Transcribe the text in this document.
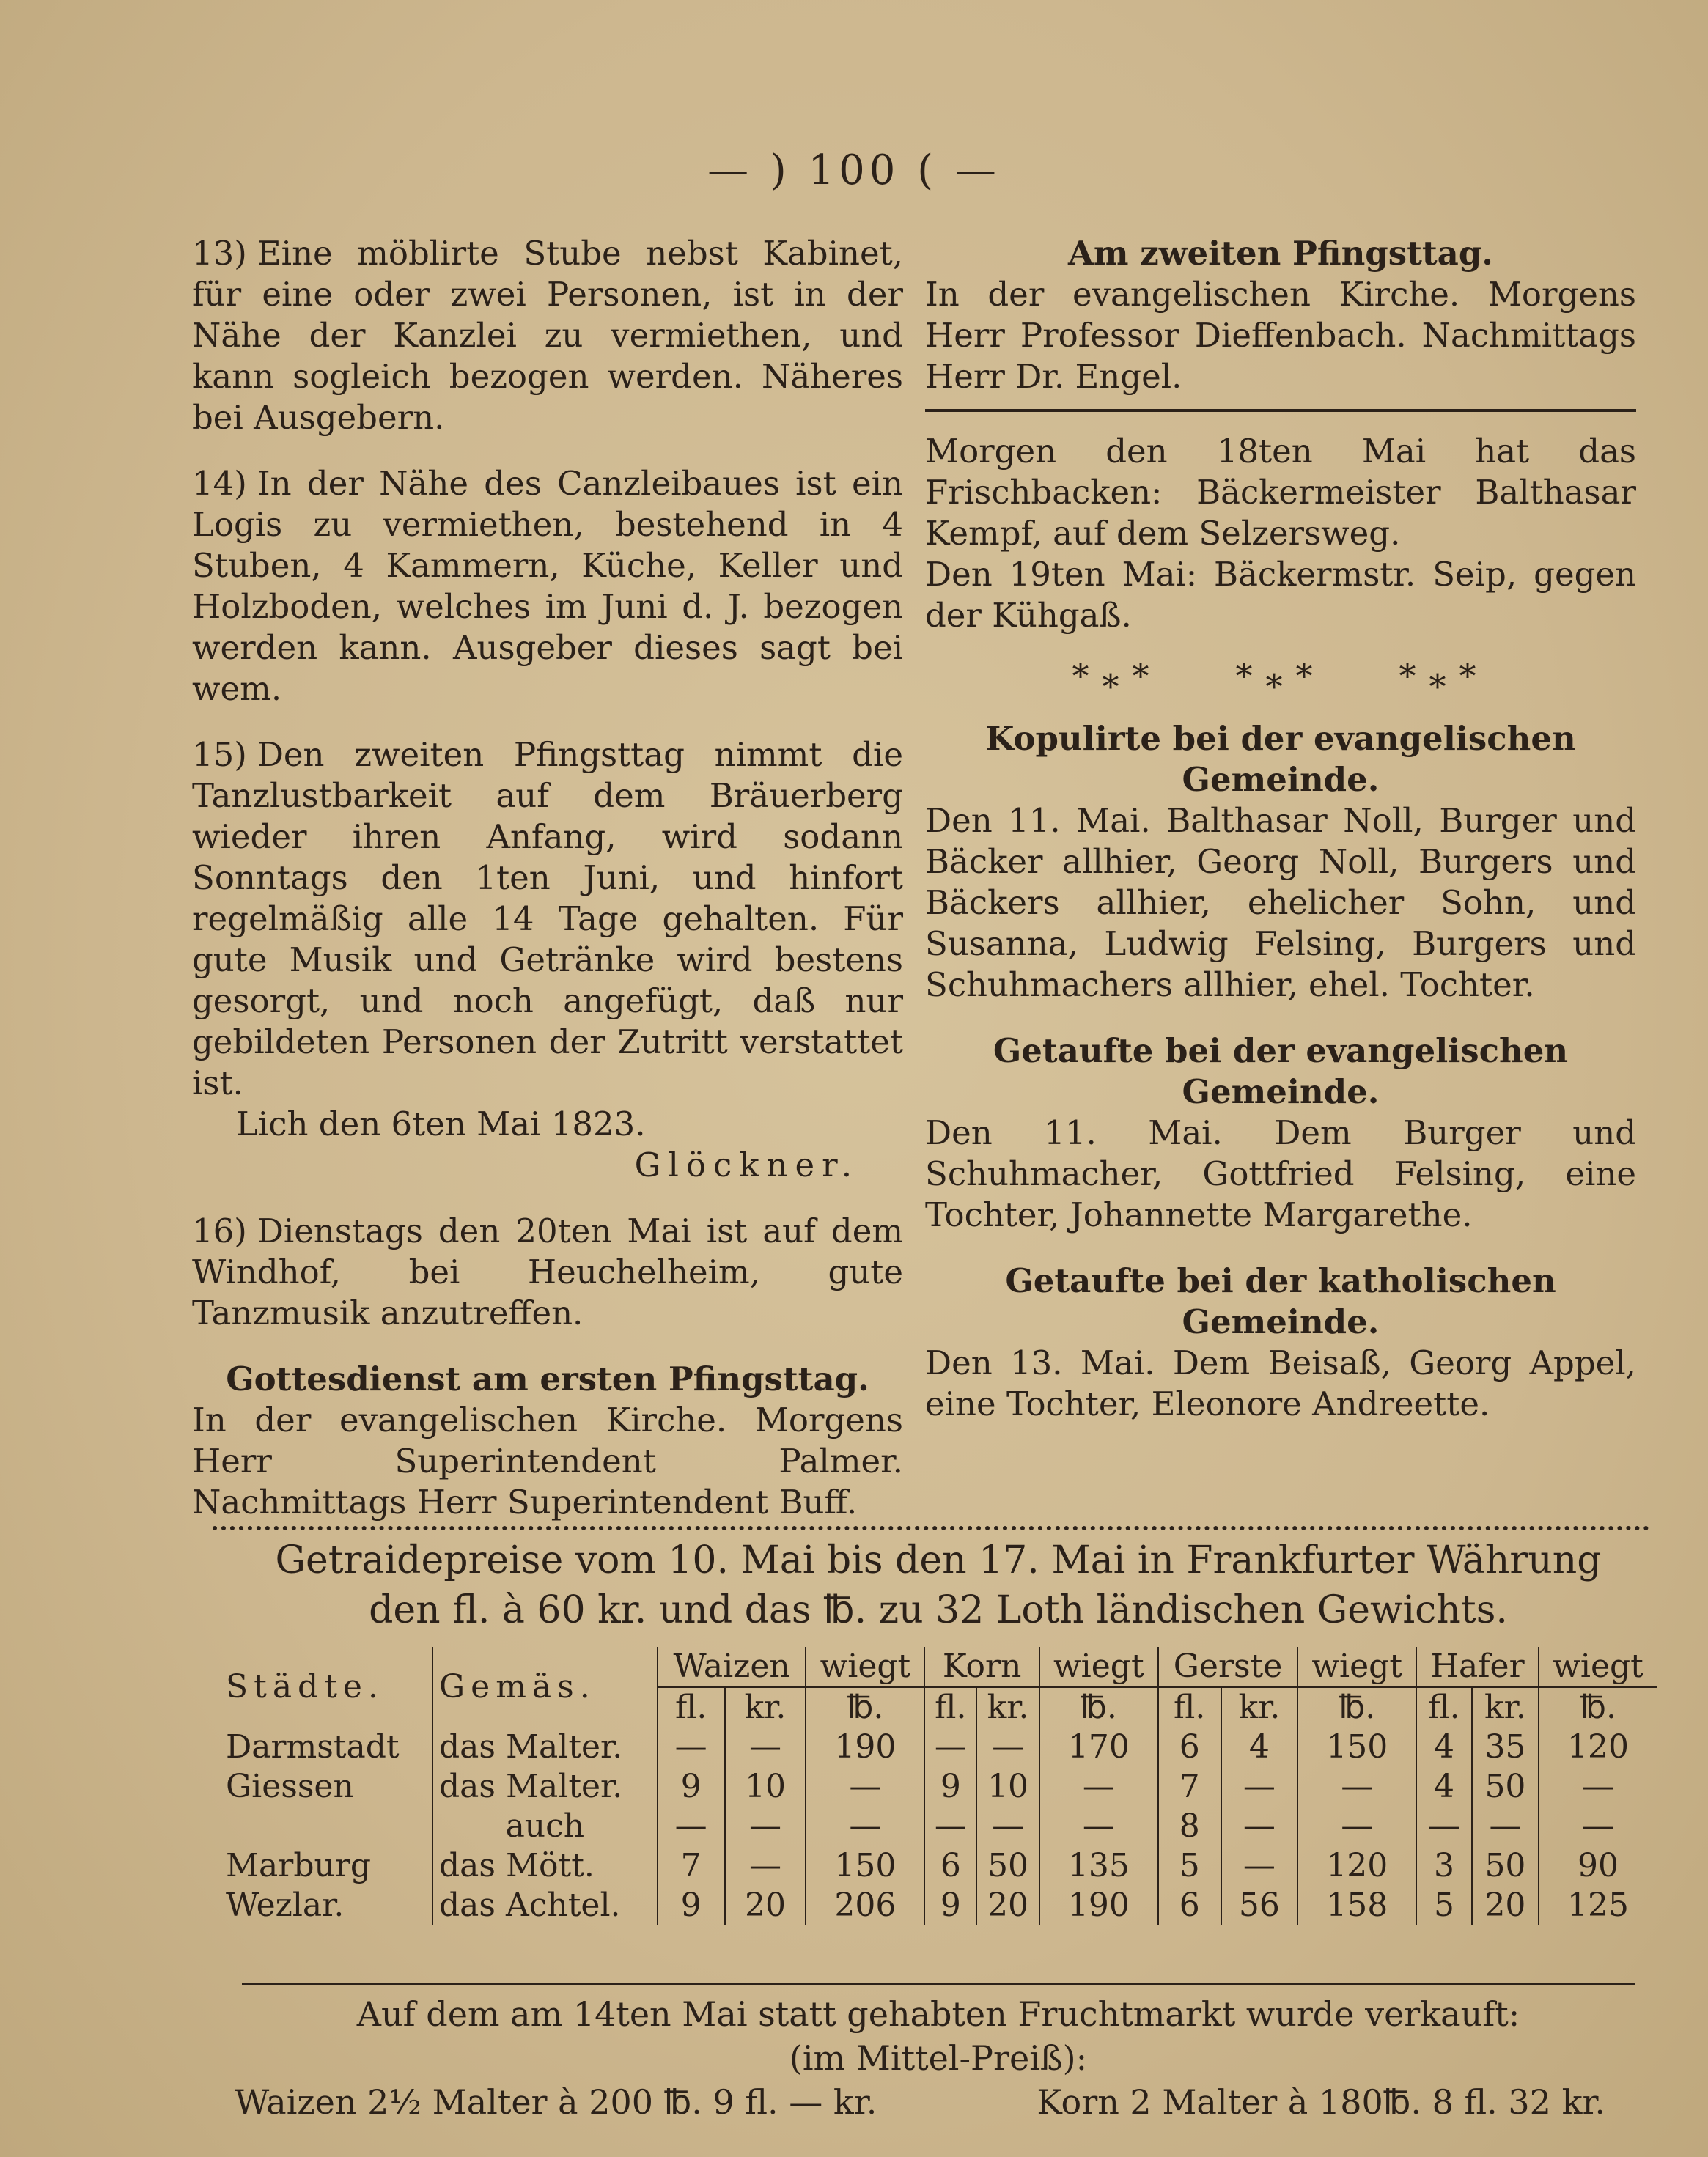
— ) 100 ( —

13) Eine möblirte Stube nebst Kabinet, für eine oder zwei Personen, ist in der Nähe der Kanzlei zu vermiethen, und kann sogleich bezogen werden. Näheres bei Ausgebern.

14) In der Nähe des Canzleibaues ist ein Logis zu vermiethen, bestehend in 4 Stuben, 4 Kammern, Küche, Keller und Holzboden, welches im Juni d. J. bezogen werden kann. Ausgeber dieses sagt bei wem.

15) Den zweiten Pfingsttag nimmt die Tanzlustbarkeit auf dem Bräuerberg wieder ihren Anfang, wird sodann Sonntags den 1ten Juni, und hinfort regelmäßig alle 14 Tage gehalten. Für gute Musik und Getränke wird bestens gesorgt, und noch angefügt, daß nur gebildeten Personen der Zutritt verstattet ist.

Lich den 6ten Mai 1823.

Glöckner.

16) Dienstags den 20ten Mai ist auf dem Windhof, bei Heuchelheim, gute Tanzmusik anzutreffen.

Gottesdienst am ersten Pfingsttag.

In der evangelischen Kirche. Morgens Herr Superintendent Palmer. Nachmittags Herr Superintendent Buff.

Am zweiten Pfingsttag.

In der evangelischen Kirche. Morgens Herr Professor Dieffenbach. Nachmittags Herr Dr. Engel.

Morgen den 18ten Mai hat das Frischbacken: Bäckermeister Balthasar Kempf, auf dem Selzersweg.

Den 19ten Mai: Bäckermstr. Seip, gegen der Kühgaß.

*⁎* *⁎* *⁎*

Kopulirte bei der evangelischen Gemeinde.

Den 11. Mai. Balthasar Noll, Burger und Bäcker allhier, Georg Noll, Burgers und Bäckers allhier, ehelicher Sohn, und Susanna, Ludwig Felsing, Burgers und Schuhmachers allhier, ehel. Tochter.

Getaufte bei der evangelischen Gemeinde.

Den 11. Mai. Dem Burger und Schuhmacher, Gottfried Felsing, eine Tochter, Johannette Margarethe.

Getaufte bei der katholischen Gemeinde.

Den 13. Mai. Dem Beisaß, Georg Appel, eine Tochter, Eleonore Andreette.

Getraidepreise vom 10. Mai bis den 17. Mai in Frankfurter Währung

den fl. à 60 kr. und das ℔. zu 32 Loth ländischen Gewichts.

Städte.	Gemäs.	Waizen		wiegt	Korn		wiegt	Gerste		wiegt	Hafer		wiegt
		fl.	kr.	℔.	fl.	kr.	℔.	fl.	kr.	℔.	fl.	kr.	℔.
Darmstadt	das Malter.	—	—	190	—	—	170	6	4	150	4	35	120
Giessen	das Malter.	9	10	—	9	10	—	7	—	—	4	50	—
	auch	—	—	—	—	—	—	8	—	—	—	—	—
Marburg	das Mött.	7	—	150	6	50	135	5	—	120	3	50	90
Wezlar.	das Achtel.	9	20	206	9	20	190	6	56	158	5	20	125
Auf dem am 14ten Mai statt gehabten Fruchtmarkt wurde verkauft:
(im Mittel-Preiß):
Waizen 2½ Malter à 200 ℔. 9 fl. — kr.	Korn 2 Malter à 180℔. 8 fl. 32 kr.
